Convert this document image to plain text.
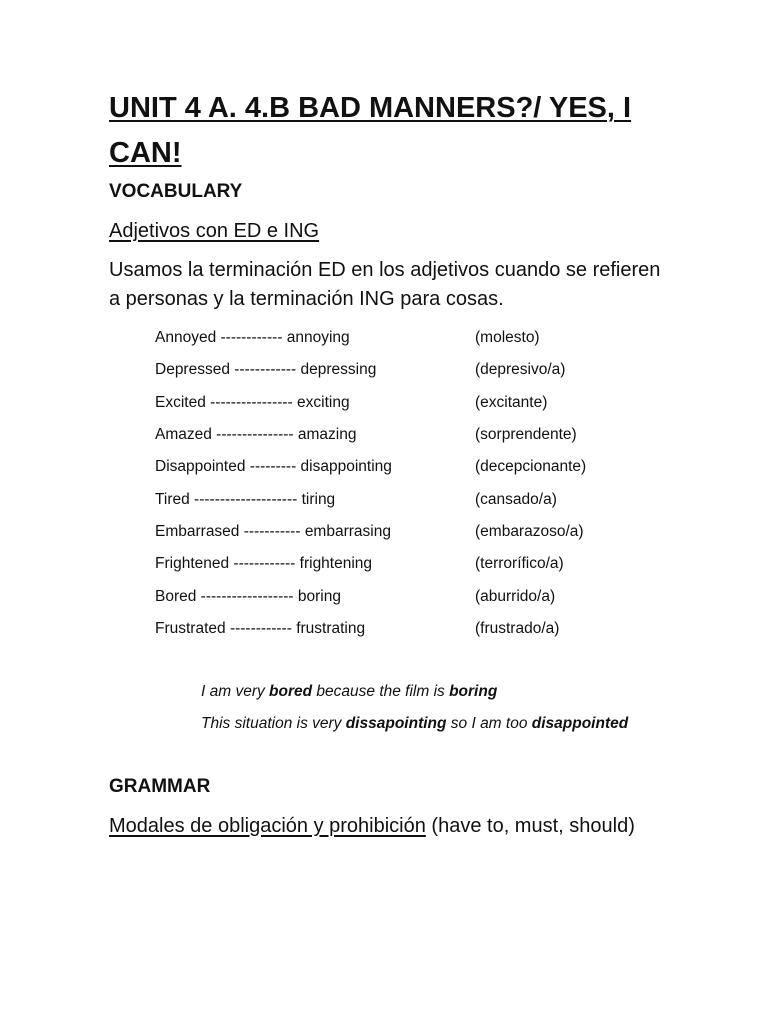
UNIT 4 A. 4.B BAD MANNERS?/ YES, I CAN!
VOCABULARY

Adjetivos con ED e ING

Usamos la terminación ED en los adjetivos cuando se refieren a personas y la terminación ING para cosas.

Annoyed ------------ annoying	(molesto)
Depressed ------------ depressing	(depresivo/a)
Excited ---------------- exciting	(excitante)
Amazed --------------- amazing	(sorprendente)
Disappointed --------- disappointing	(decepcionante)
Tired -------------------- tiring	(cansado/a)
Embarrased ----------- embarrasing	(embarazoso/a)
Frightened ------------ frightening	(terrorífico/a)
Bored ------------------ boring	(aburrido/a)
Frustrated ------------ frustrating	(frustrado/a)
I am very bored because the film is boring
This situation is very dissapointing so I am too disappointed
GRAMMAR

Modales de obligación y prohibición (have to, must, should)
